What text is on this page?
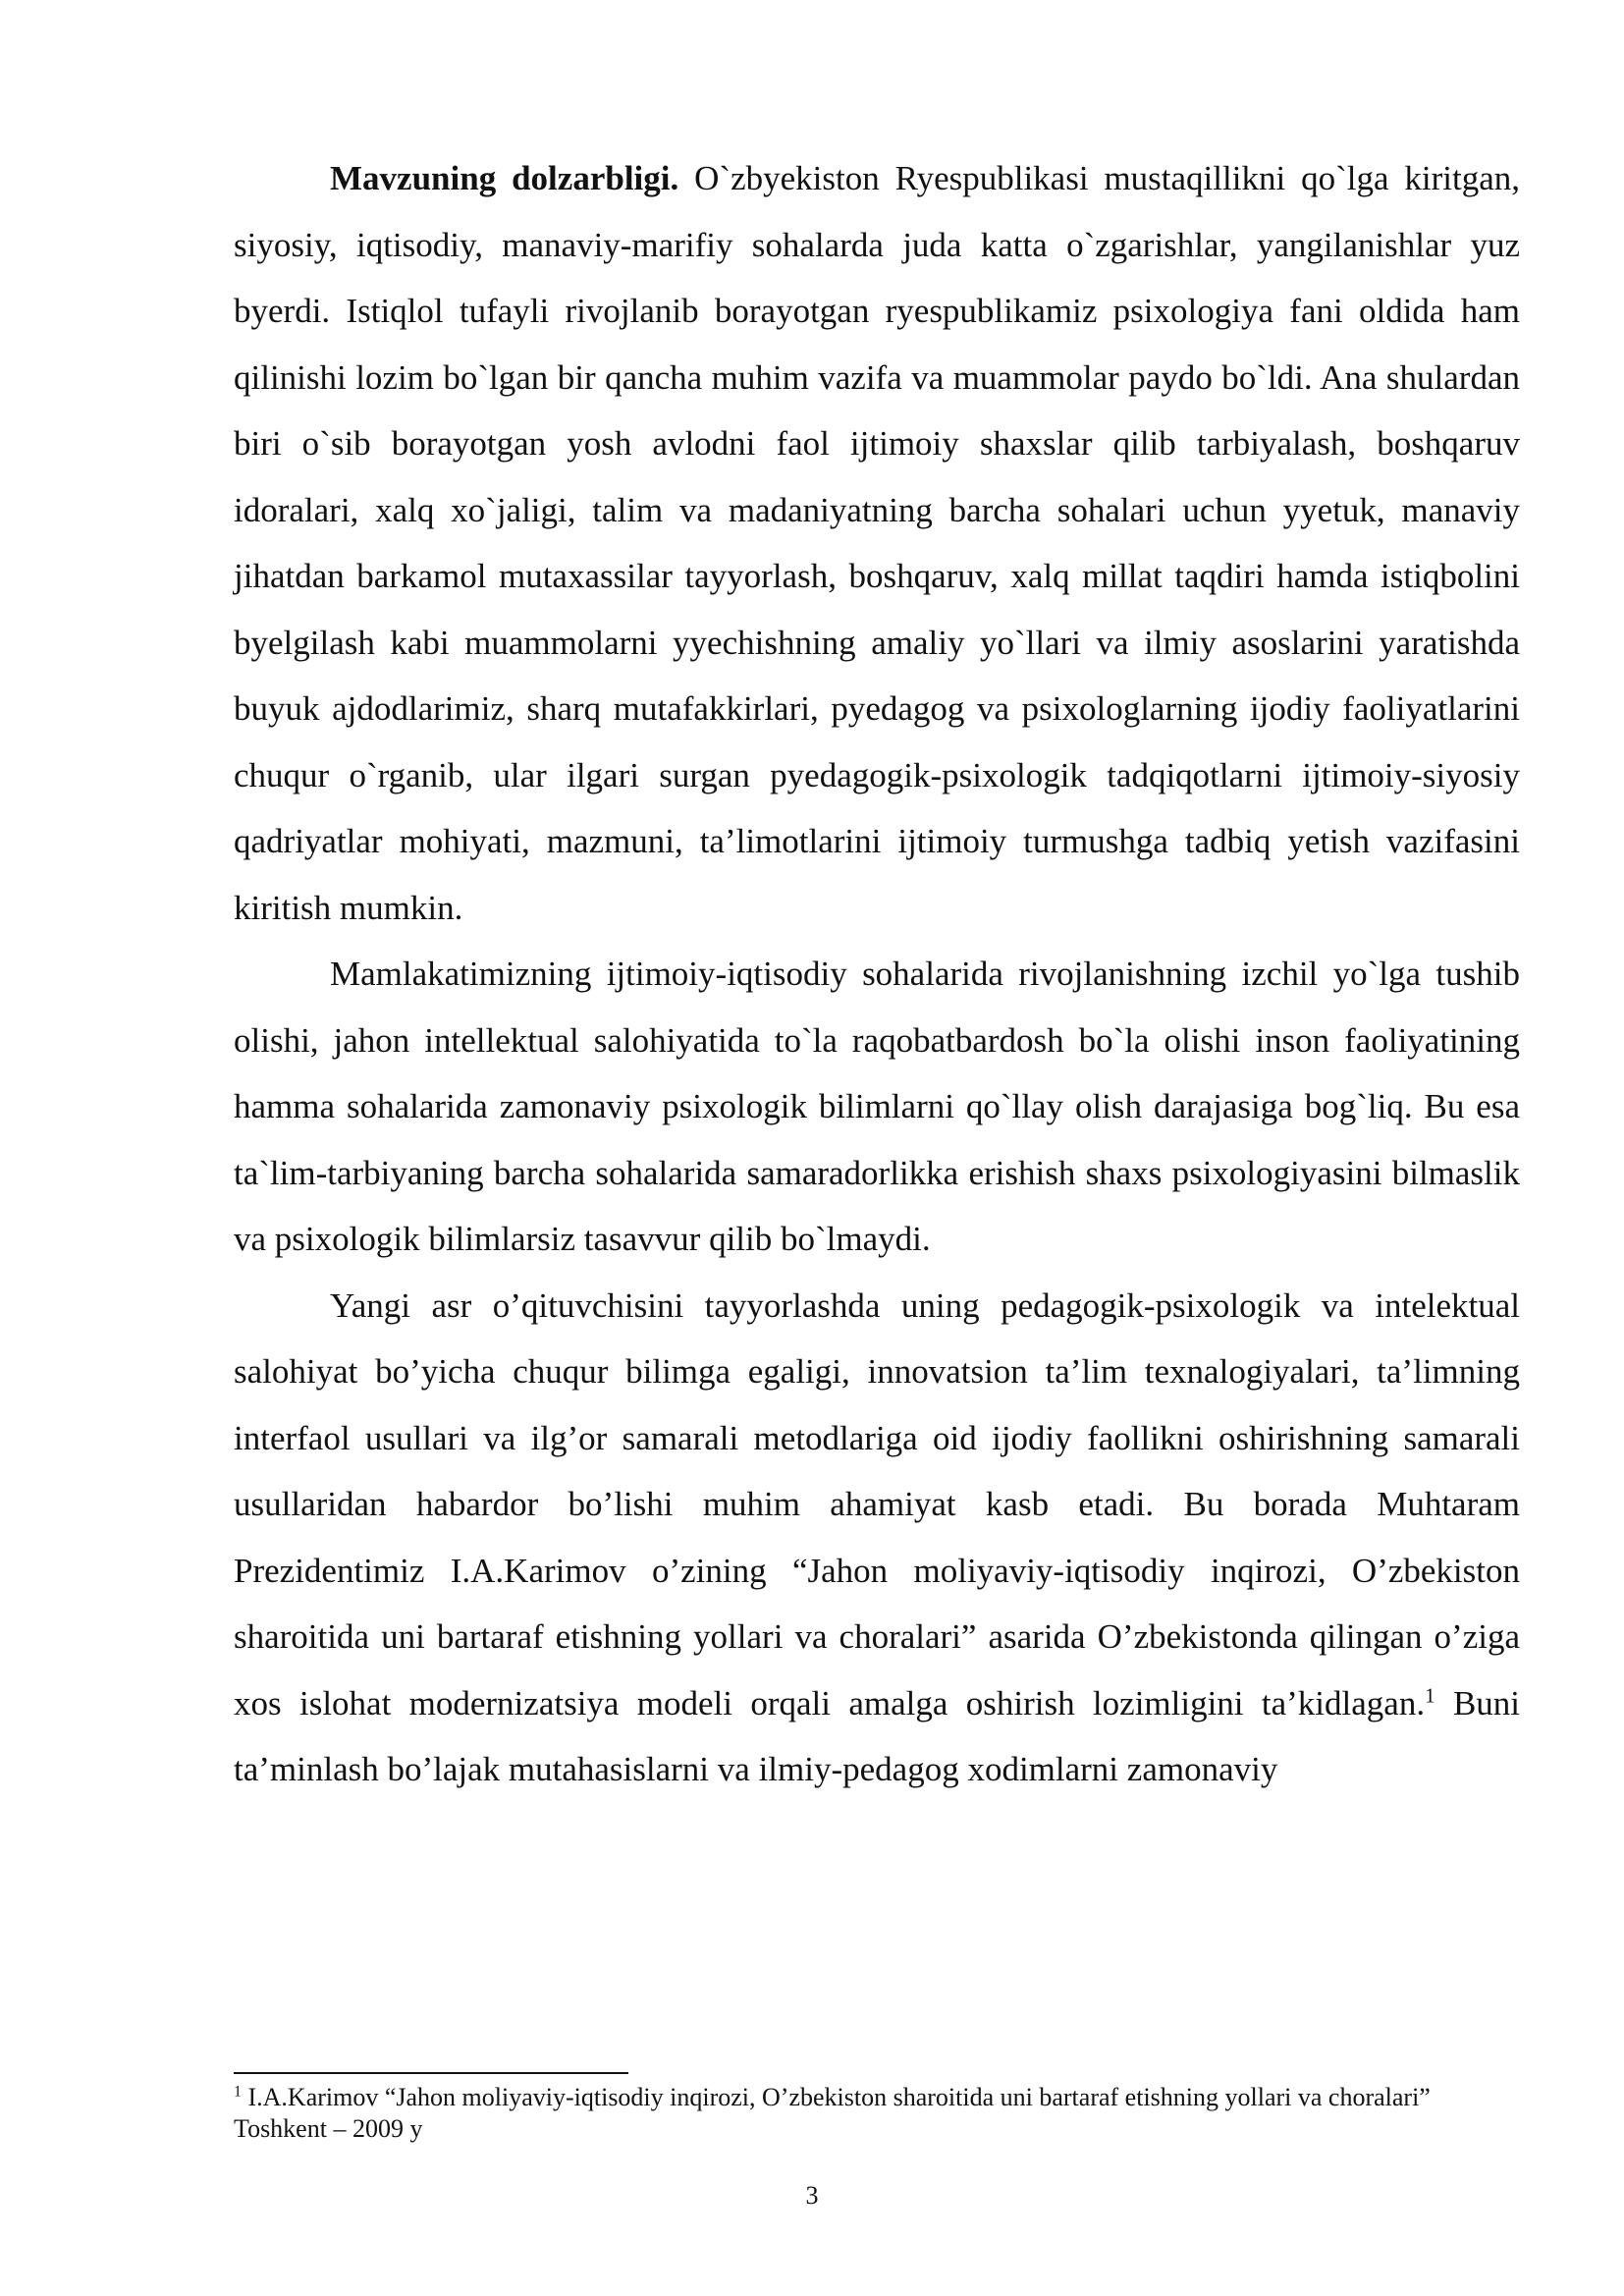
Mavzuning dolzarbligi. O`zbyekiston Ryespublikasi mustaqillikni qo`lga kiritgan, siyosiy, iqtisodiy, manaviy-marifiy sohalarda juda katta o`zgarishlar, yangilanishlar yuz byerdi. Istiqlol tufayli rivojlanib borayotgan ryespublikamiz psixologiya fani oldida ham qilinishi lozim bo`lgan bir qancha muhim vazifa va muammolar paydo bo`ldi. Ana shulardan biri o`sib borayotgan yosh avlodni faol ijtimoiy shaxslar qilib tarbiyalash, boshqaruv idoralari, xalq xo`jaligi, talim va madaniyatning barcha sohalari uchun yyetuk, manaviy jihatdan barkamol mutaxassilar tayyorlash, boshqaruv, xalq millat taqdiri hamda istiqbolini byelgilash kabi muammolarni yyechishning amaliy yo`llari va ilmiy asoslarini yaratishda buyuk ajdodlarimiz, sharq mutafakkirlari, pyedagog va psixologlarning ijodiy faoliyatlarini chuqur o`rganib, ular ilgari surgan pyedagogik-psixologik tadqiqotlarni ijtimoiy-siyosiy qadriyatlar mohiyati, mazmuni, ta’limotlarini ijtimoiy turmushga tadbiq yetish vazifasini kiritish mumkin.

Mamlakatimizning ijtimoiy-iqtisodiy sohalarida rivojlanishning izchil yo`lga tushib olishi, jahon intellektual salohiyatida to`la raqobatbardosh bo`la olishi inson faoliyatining hamma sohalarida zamonaviy psixologik bilimlarni qo`llay olish darajasiga bog`liq. Bu esa ta`lim-tarbiyaning barcha sohalarida samaradorlikka erishish shaxs psixologiyasini bilmaslik va psixologik bilimlarsiz tasavvur qilib bo`lmaydi.

Yangi asr o’qituvchisini tayyorlashda uning pedagogik-psixologik va intelektual salohiyat bo’yicha chuqur bilimga egaligi, innovatsion ta’lim texnalogiyalari, ta’limning interfaol usullari va ilg’or samarali metodlariga oid ijodiy faollikni oshirishning samarali usullaridan habardor bo’lishi muhim ahamiyat kasb etadi. Bu borada Muhtaram Prezidentimiz I.A.Karimov o’zining “Jahon moliyaviy-iqtisodiy inqirozi, O’zbekiston sharoitida uni bartaraf etishning yollari va choralari” asarida O’zbekistonda qilingan o’ziga xos islohat modernizatsiya modeli orqali amalga oshirish lozimligini ta’kidlagan.$^1$ Buni ta’minlash bo’lajak mutahasislarni va ilmiy-pedagog xodimlarni zamonaviy

$^1$ I.A.Karimov “Jahon moliyaviy-iqtisodiy inqirozi, O’zbekiston sharoitida uni bartaraf etishning yollari va choralari” Toshkent – 2009 y
3
